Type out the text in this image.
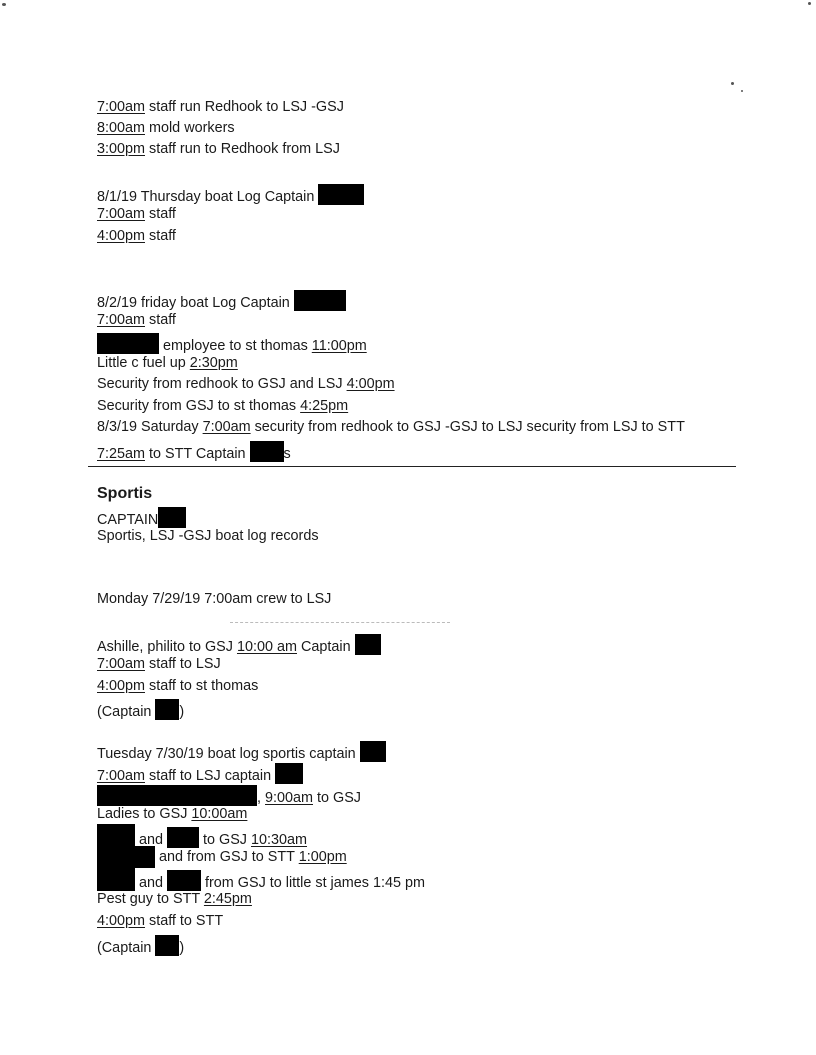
7:00am staff run Redhook to LSJ -GSJ
8:00am mold workers
3:00pm staff run to Redhook from LSJ
8/1/19 Thursday boat Log Captain
7:00am staff
4:00pm staff
8/2/19 friday boat Log Captain
7:00am staff
employee to st thomas 11:00pm
Little c fuel up 2:30pm
Security from redhook to GSJ and LSJ 4:00pm
Security from GSJ to st thomas 4:25pm
8/3/19 Saturday 7:00am security from redhook to GSJ -GSJ to LSJ security from LSJ to STT
7:25am to STT Captain s
Sportis
CAPTAIN
Sportis, LSJ -GSJ boat log records
Monday 7/29/19 7:00am crew to LSJ
Ashille, philito to GSJ 10:00 am Captain
7:00am staff to LSJ
4:00pm staff to st thomas
(Captain )
Tuesday 7/30/19 boat log sportis captain
7:00am staff to LSJ captain
, 9:00am to GSJ
Ladies to GSJ 10:00am
and	to GSJ 10:30am
and from GSJ to STT 1:00pm
and	from GSJ to little st james 1:45 pm
Pest guy to STT 2:45pm
4:00pm staff to STT
(Captain )
